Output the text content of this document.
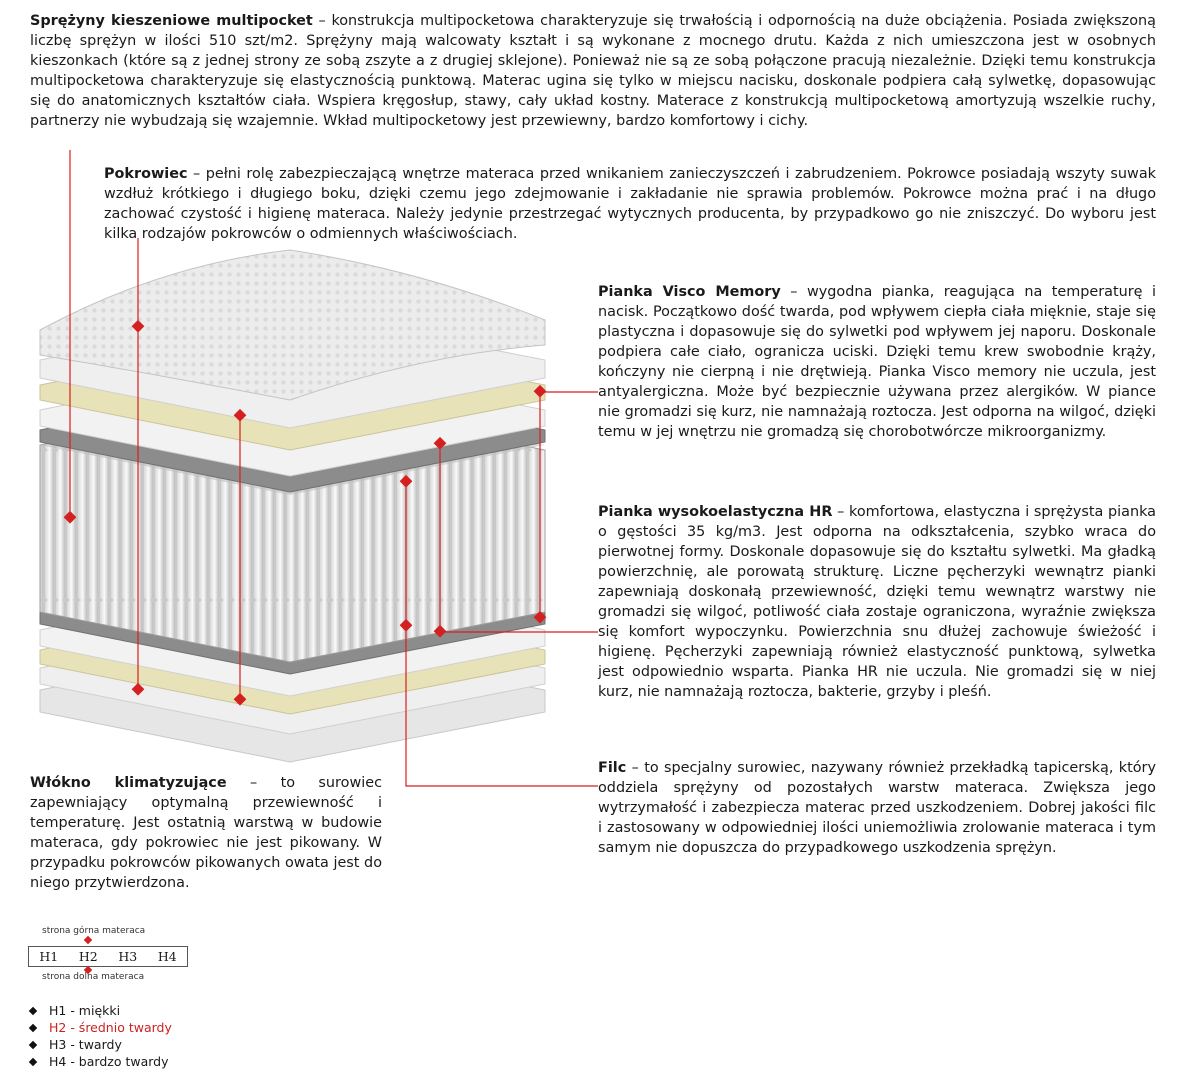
Sprężyny kieszeniowe multipocket – konstrukcja multipocketowa charakteryzuje się trwałością i odpornością na duże obciążenia. Posiada zwiększoną liczbę sprężyn w ilości 510 szt/m2. Sprężyny mają walcowaty kształt i są wykonane z mocnego drutu. Każda z nich umieszczona jest w osobnych kieszonkach (które są z jednej strony ze sobą zszyte a z drugiej sklejone). Ponieważ nie są ze sobą połączone pracują niezależnie. Dzięki temu konstrukcja multipocketowa charakteryzuje się elastycznością punktową. Materac ugina się tylko w miejscu nacisku, doskonale podpiera całą sylwetkę, dopasowując się do anatomicznych kształtów ciała. Wspiera kręgosłup, stawy, cały układ kostny. Materace z konstrukcją multipocketową amortyzują wszelkie ruchy, partnerzy nie wybudzają się wzajemnie. Wkład multipocketowy jest przewiewny, bardzo komfortowy i cichy.
Pokrowiec – pełni rolę zabezpieczającą wnętrze materaca przed wnikaniem zanieczyszczeń i zabrudzeniem. Pokrowce posiadają wszyty suwak wzdłuż krótkiego i długiego boku, dzięki czemu jego zdejmowanie i zakładanie nie sprawia problemów. Pokrowce można prać i na długo zachować czystość i higienę materaca. Należy jedynie przestrzegać wytycznych producenta, by przypadkowo go nie zniszczyć. Do wyboru jest kilka rodzajów pokrowców o odmiennych właściwościach.
Pianka Visco Memory – wygodna pianka, reagująca na temperaturę i nacisk. Początkowo dość twarda, pod wpływem ciepła ciała mięknie, staje się plastyczna i dopasowuje się do sylwetki pod wpływem jej naporu. Doskonale podpiera całe ciało, ogranicza uciski. Dzięki temu krew swobodnie krąży, kończyny nie cierpną i nie drętwieją. Pianka Visco memory nie uczula, jest antyalergiczna. Może być bezpiecznie używana przez alergików. W piance nie gromadzi się kurz, nie namnażają roztocza. Jest odporna na wilgoć, dzięki temu w jej wnętrzu nie gromadzą się chorobotwórcze mikroorganizmy.
Pianka wysokoelastyczna HR – komfortowa, elastyczna i sprężysta pianka o gęstości 35 kg/m3. Jest odporna na odkształcenia, szybko wraca do pierwotnej formy. Doskonale dopasowuje się do kształtu sylwetki. Ma gładką powierzchnię, ale porowatą strukturę. Liczne pęcherzyki wewnątrz pianki zapewniają doskonałą przewiewność, dzięki temu wewnątrz warstwy nie gromadzi się wilgoć, potliwość ciała zostaje ograniczona, wyraźnie zwiększa się komfort wypoczynku. Powierzchnia snu dłużej zachowuje świeżość i higienę. Pęcherzyki zapewniają również elastyczność punktową, sylwetka jest odpowiednio wsparta. Pianka HR nie uczula. Nie gromadzi się w niej kurz, nie namnażają roztocza, bakterie, grzyby i pleśń.
Filc – to specjalny surowiec, nazywany również przekładką tapicerską, który oddziela sprężyny od pozostałych warstw materaca. Zwiększa jego wytrzymałość i zabezpiecza materac przed uszkodzeniem. Dobrej jakości filc i zastosowany w odpowiedniej ilości uniemożliwia zrolowanie materaca i tym samym nie dopuszcza do przypadkowego uszkodzenia sprężyn.
Włókno klimatyzujące – to surowiec zapewniający optymalną przewiewność i temperaturę. Jest ostatnią warstwą w budowie materaca, gdy pokrowiec nie jest pikowany. W przypadku pokrowców pikowanych owata jest do niego przytwierdzona.
strona górna materaca
H1	H2	H3	H4
strona dolna materaca
H1 - miękki
H2 - średnio twardy
H3 - twardy
H4 - bardzo twardy
